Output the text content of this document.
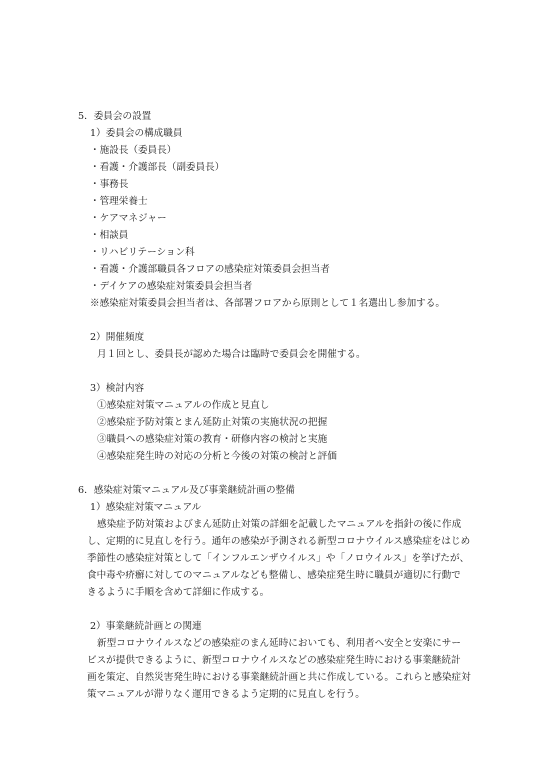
5．委員会の設置
1）委員会の構成職員
・施設長（委員長）
・看護・介護部長（副委員長）
・事務長
・管理栄養士
・ケアマネジャー
・相談員
・リハビリテーション科
・看護・介護部職員各フロアの感染症対策委員会担当者
・デイケアの感染症対策委員会担当者
※感染症対策委員会担当者は、各部署フロアから原則として１名選出し参加する。
2）開催頻度
月１回とし、委員長が認めた場合は臨時で委員会を開催する。
3）検討内容
①感染症対策マニュアルの作成と見直し
②感染症予防対策とまん延防止対策の実施状況の把握
③職員への感染症対策の教育・研修内容の検討と実施
④感染症発生時の対応の分析と今後の対策の検討と評価
6．感染症対策マニュアル及び事業継続計画の整備
1）感染症対策マニュアル
感染症予防対策およびまん延防止対策の詳細を記載したマニュアルを指針の後に作成
し、定期的に見直しを行う。通年の感染が予測される新型コロナウイルス感染症をはじめ
季節性の感染症対策として「インフルエンザウイルス」や「ノロウイルス」を挙げたが、
食中毒や疥癬に対してのマニュアルなども整備し、感染症発生時に職員が適切に行動で
きるように手順を含めて詳細に作成する。
2）事業継続計画との関連
新型コロナウイルスなどの感染症のまん延時においても、利用者へ安全と安楽にサー
ビスが提供できるように、新型コロナウイルスなどの感染症発生時における事業継続計
画を策定、自然災害発生時における事業継続計画と共に作成している。これらと感染症対
策マニュアルが滞りなく運用できるよう定期的に見直しを行う。
